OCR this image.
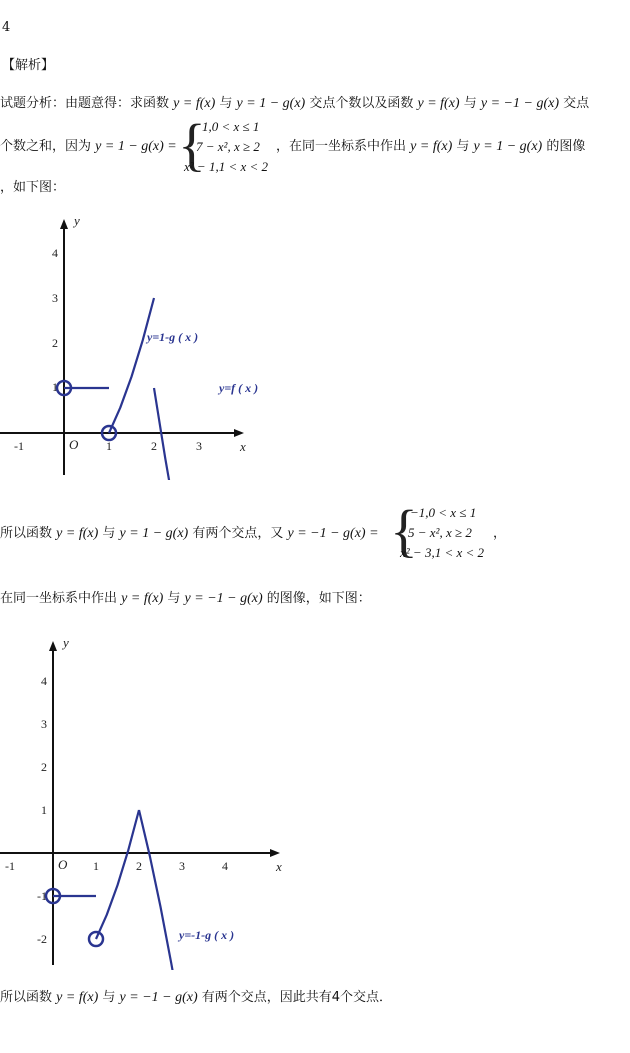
4
【解析】
试题分析：由题意得：求函数 y = f(x) 与 y = 1 − g(x) 交点个数以及函数 y = f(x) 与 y = −1 − g(x) 交点
个数之和，因为 y = 1 − g(x) = {
1,0 < x ≤ 1
7 − x², x ≥ 2
x² − 1,1 < x < 2
，在同一坐标系中作出 y = f(x) 与 y = 1 − g(x) 的图像
，如下图：
x
y
O
-1	1	2	3
4
3
2
1
y=1-g ( x )
y=f ( x )
所以函数 y = f(x) 与 y = 1 − g(x) 有两个交点，又 y = −1 − g(x) = {
−1,0 < x ≤ 1
5 − x², x ≥ 2
x² − 3,1 < x < 2
，
在同一坐标系中作出 y = f(x) 与 y = −1 − g(x) 的图像，如下图：
x
y
O
-1	1	2	3	4
4
3
2
1
-1
-2	y=-1-g ( x )
所以函数 y = f(x) 与 y = −1 − g(x) 有两个交点，因此共有4个交点．
